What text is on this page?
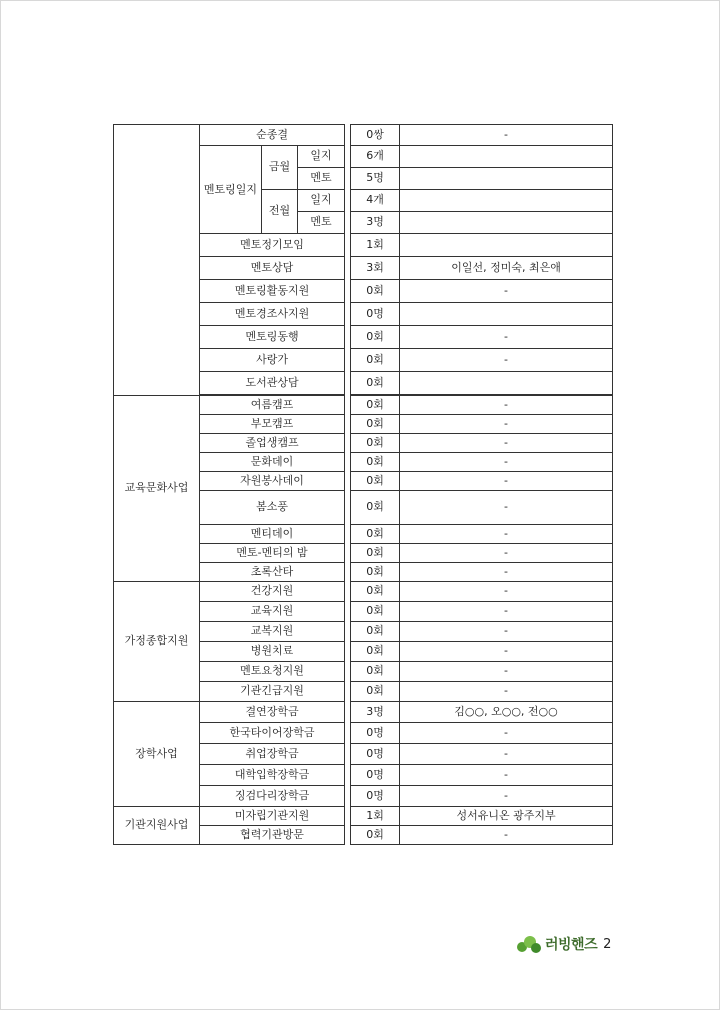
	순종결				0쌍	-
	멘토링일지	금월	일지		6개	
			멘토		5명	
		전월	일지		4개	
			멘토		3명	
	멘토정기모임				1회	
	멘토상담				3회	이일선, 정미숙, 최은애
	멘토링활동지원				0회	-
	멘토경조사지원				0명	
	멘토링동행				0회	-
	사랑가				0회	-
	도서관상담				0회	

교육문화사업	여름캠프				0회	-
	부모캠프				0회	-
	졸업생캠프				0회	-
	문화데이				0회	-
	자원봉사데이				0회	-
	봄소풍				0회	-
	멘티데이				0회	-
	멘토-멘티의 밤				0회	-
	초록산타				0회	-
가정종합지원	건강지원				0회	-
	교육지원				0회	-
	교복지원				0회	-
	병원치료				0회	-
	멘토요청지원				0회	-
	기관긴급지원				0회	-
장학사업	결연장학금				3명	김○○, 오○○, 전○○
	한국타이어장학금				0명	-
	취업장학금				0명	-
	대학입학장학금				0명	-
	징검다리장학금				0명	-
기관지원사업	미자립기관지원				1회	성서유니온 광주지부
	협력기관방문				0회	-
러빙핸즈 2
